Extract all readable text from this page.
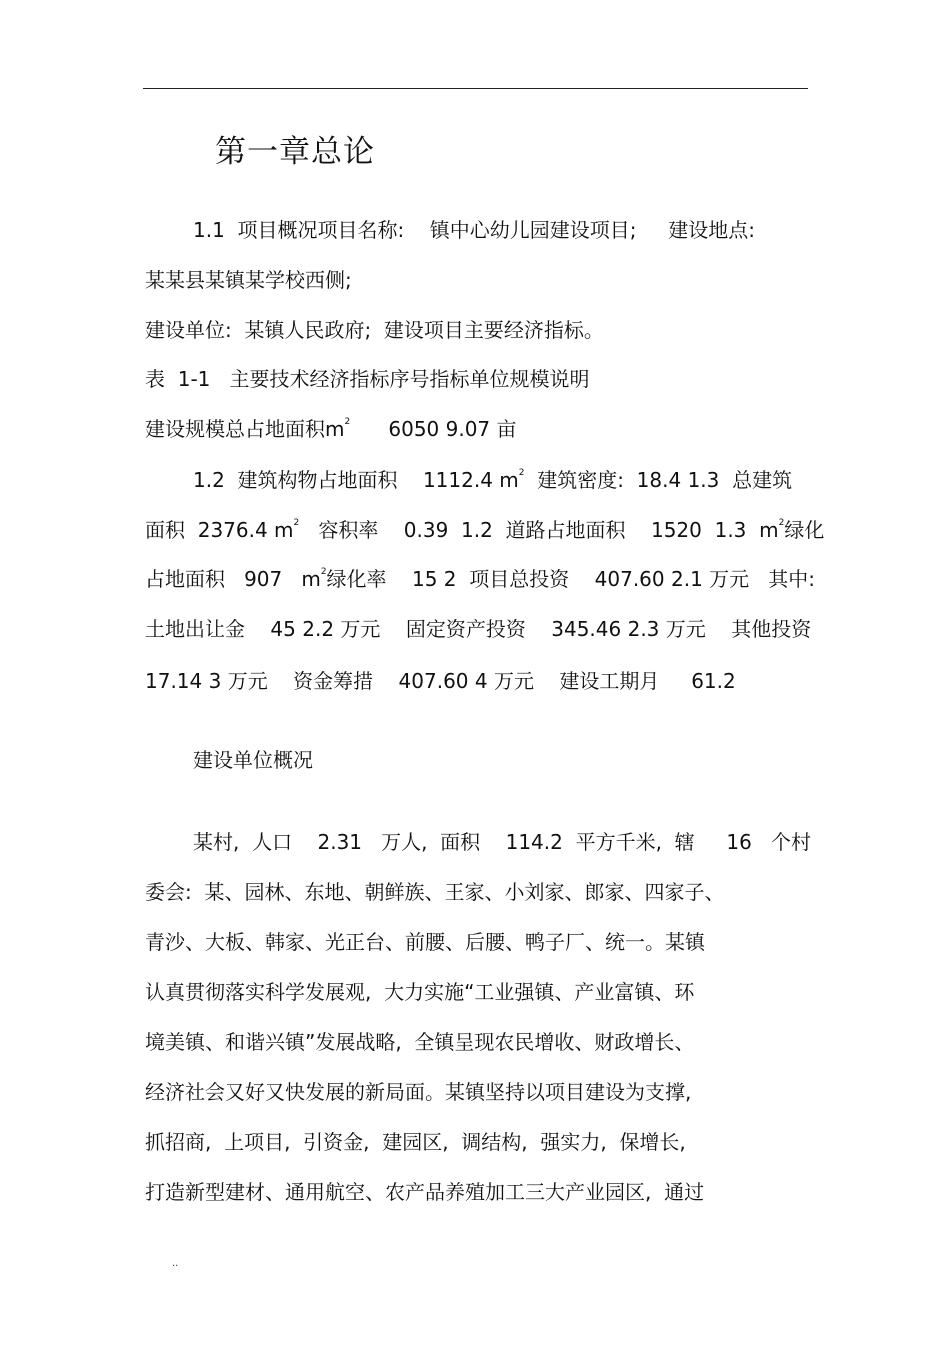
第一章总论
1.1  项目概况项目名称:    镇中心幼儿园建设项目;     建设地点:
某某县某镇某学校西侧;
建设单位:  某镇人民政府;  建设项目主要经济指标。
表  1-1   主要技术经济指标序号指标单位规模说明
建设规模总占地面积$m^2$      6050 9.07 亩
1.2  建筑构物占地面积    1112.4 $m^2$  建筑密度:  18.4 1.3  总建筑
面积  2376.4 $m^2$   容积率    0.39  1.2  道路占地面积    1520  1.3  $m^2$绿化
占地面积   907   $m^2$绿化率    15 2  项目总投资    407.60 2.1 万元   其中:
土地出让金    45 2.2 万元    固定资产投资    345.46 2.3 万元    其他投资
17.14 3 万元    资金筹措    407.60 4 万元    建设工期月     61.2
建设单位概况
某村,  人口    2.31   万人,  面积    114.2  平方千米,  辖     16   个村
委会:  某、园林、东地、朝鲜族、王家、小刘家、郎家、四家子、
青沙、大板、韩家、光正台、前腰、后腰、鸭子厂、统一。某镇
认真贯彻落实科学发展观,  大力实施“工业强镇、产业富镇、环
境美镇、和谐兴镇”发展战略,  全镇呈现农民增收、财政增长、
经济社会又好又快发展的新局面。某镇坚持以项目建设为支撑,
抓招商,  上项目,  引资金,  建园区,  调结构,  强实力,  保增长,
打造新型建材、通用航空、农产品养殖加工三大产业园区,  通过
..
